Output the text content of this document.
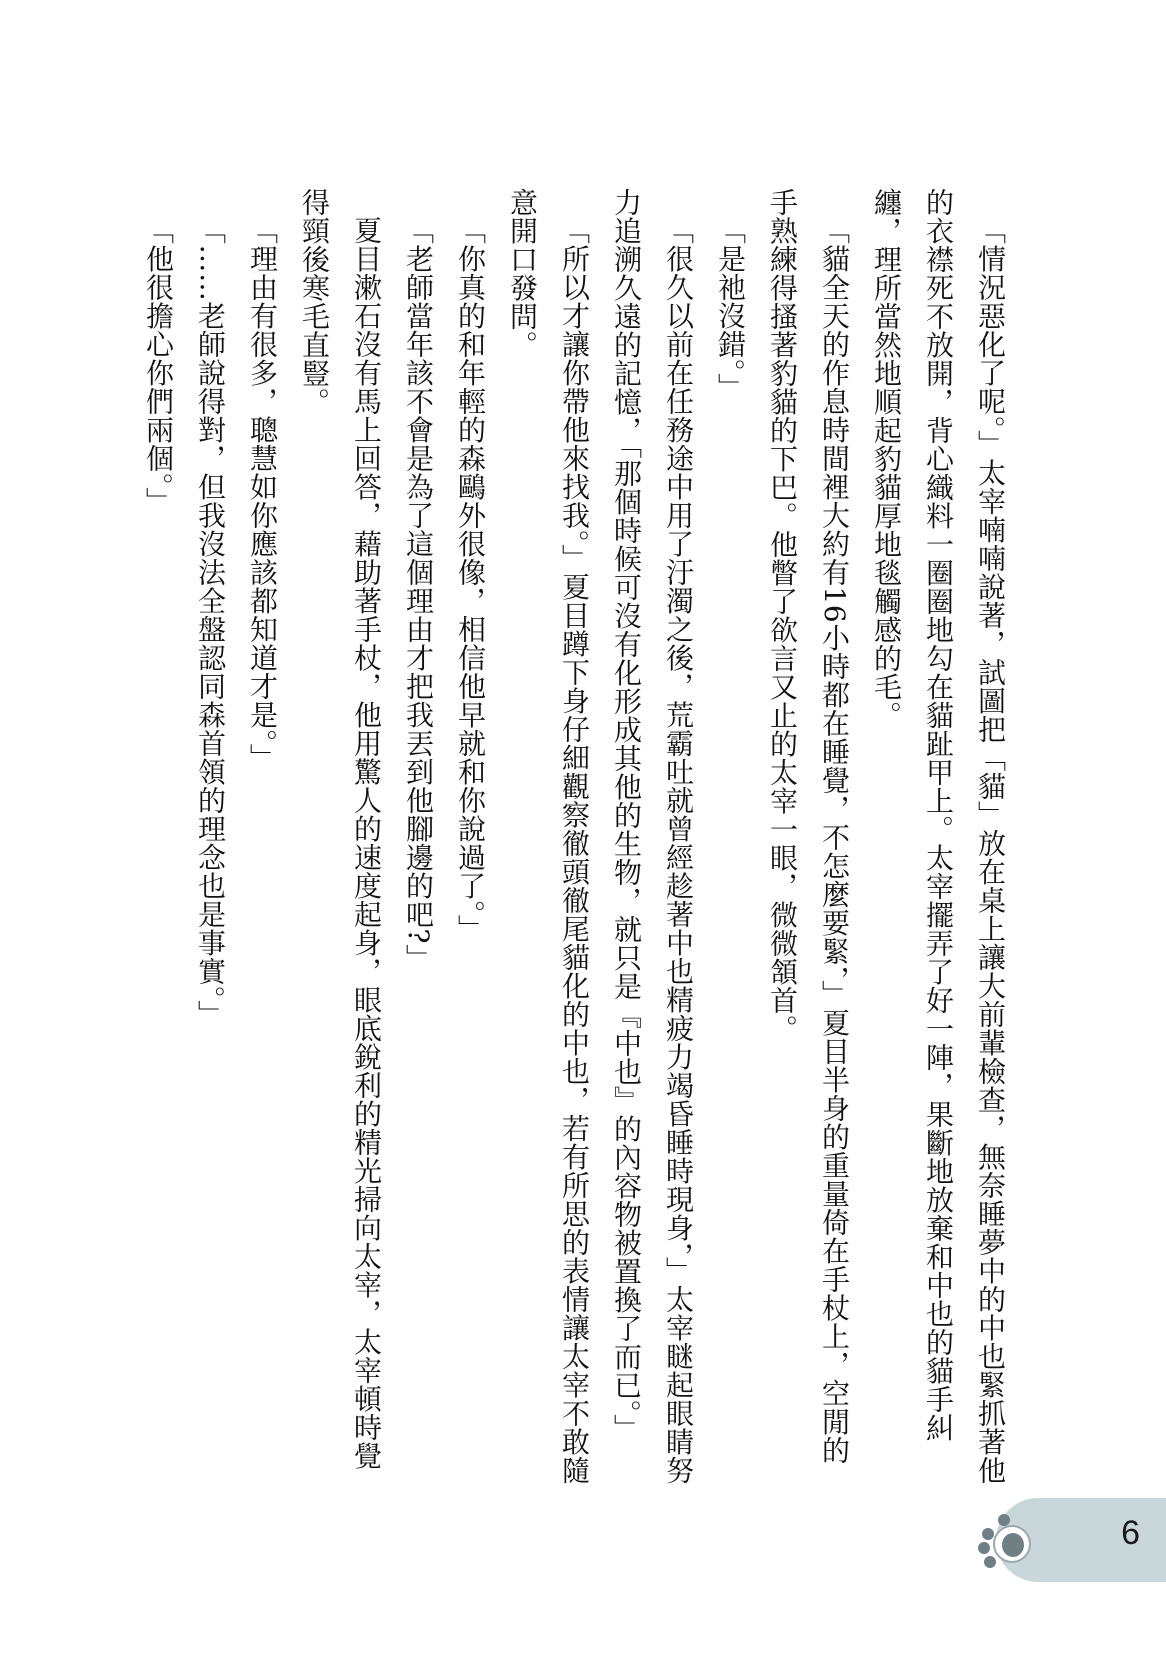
「情況惡化了呢。」太宰喃喃說著，試圖把「貓」放在桌上讓大前輩檢查，無奈睡夢中的中也緊抓著他的衣襟死不放開，背心織料一圈圈地勾在貓趾甲上。太宰擺弄了好一陣，果斷地放棄和中也的貓手糾纏，理所當然地順起豹貓厚地毯觸感的毛。

「貓全天的作息時間裡大約有16小時都在睡覺，不怎麼要緊，」夏目半身的重量倚在手杖上，空閒的手熟練得搔著豹貓的下巴。他瞥了欲言又止的太宰一眼，微微頷首。

「是祂沒錯。」

「很久以前在任務途中用了汙濁之後，荒霸吐就曾經趁著中也精疲力竭昏睡時現身，」太宰瞇起眼睛努力追溯久遠的記憶，「那個時候可沒有化形成其他的生物，就只是『中也』的內容物被置換了而已。」

「所以才讓你帶他來找我。」夏目蹲下身仔細觀察徹頭徹尾貓化的中也，若有所思的表情讓太宰不敢隨意開口發問。

「你真的和年輕的森鷗外很像，相信他早就和你說過了。」

「老師當年該不會是為了這個理由才把我丟到他腳邊的吧?」

夏目漱石沒有馬上回答，藉助著手杖，他用驚人的速度起身，眼底銳利的精光掃向太宰，太宰頓時覺得頸後寒毛直豎。

「理由有很多，聰慧如你應該都知道才是。」

「……老師說得對，但我沒法全盤認同森首領的理念也是事實。」

「他很擔心你們兩個。」

6
